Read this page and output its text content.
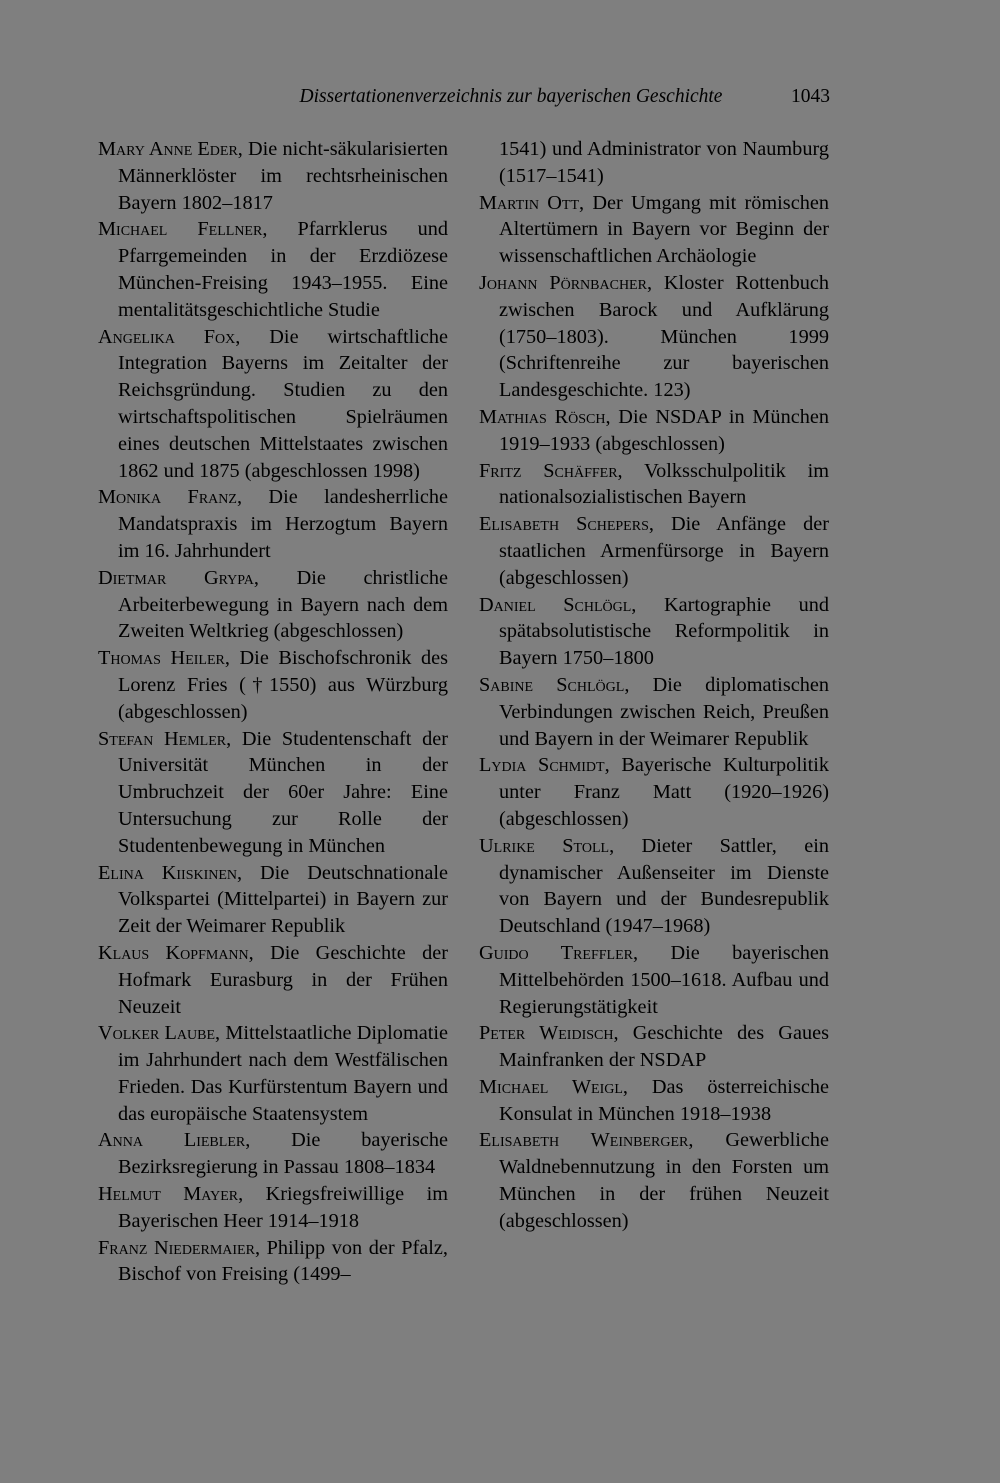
Dissertationenverzeichnis zur bayerischen Geschichte	1043

Mary Anne Eder, Die nicht-säkularisierten Männerklöster im rechtsrheinischen Bayern 1802–1817

Michael Fellner, Pfarrklerus und Pfarrgemeinden in der Erzdiözese München-Freising 1943–1955. Eine mentalitätsgeschichtliche Studie

Angelika Fox, Die wirtschaftliche Integration Bayerns im Zeitalter der Reichsgründung. Studien zu den wirtschaftspolitischen Spielräumen eines deutschen Mittelstaates zwischen 1862 und 1875 (abgeschlossen 1998)

Monika Franz, Die landesherrliche Mandatspraxis im Herzogtum Bayern im 16. Jahrhundert

Dietmar Grypa, Die christliche Arbeiterbewegung in Bayern nach dem Zweiten Weltkrieg (abgeschlossen)

Thomas Heiler, Die Bischofschronik des Lorenz Fries (†1550) aus Würzburg (abgeschlossen)

Stefan Hemler, Die Studentenschaft der Universität München in der Umbruchzeit der 60er Jahre: Eine Untersuchung zur Rolle der Studentenbewegung in München

Elina Kiiskinen, Die Deutschnationale Volkspartei (Mittelpartei) in Bayern zur Zeit der Weimarer Republik

Klaus Kopfmann, Die Geschichte der Hofmark Eurasburg in der Frühen Neuzeit

Volker Laube, Mittelstaatliche Diplomatie im Jahrhundert nach dem Westfälischen Frieden. Das Kurfürstentum Bayern und das europäische Staatensystem

Anna Liebler, Die bayerische Bezirksregierung in Passau 1808–1834

Helmut Mayer, Kriegsfreiwillige im Bayerischen Heer 1914–1918

Franz Niedermaier, Philipp von der Pfalz, Bischof von Freising (1499–

1541) und Administrator von Naumburg (1517–1541)

Martin Ott, Der Umgang mit römischen Altertümern in Bayern vor Beginn der wissenschaftlichen Archäologie

Johann Pörnbacher, Kloster Rottenbuch zwischen Barock und Aufklärung (1750–1803). München 1999 (Schriftenreihe zur bayerischen Landesgeschichte. 123)

Mathias Rösch, Die NSDAP in München 1919–1933 (abgeschlossen)

Fritz Schäffer, Volksschulpolitik im nationalsozialistischen Bayern

Elisabeth Schepers, Die Anfänge der staatlichen Armenfürsorge in Bayern (abgeschlossen)

Daniel Schlögl, Kartographie und spätabsolutistische Reformpolitik in Bayern 1750–1800

Sabine Schlögl, Die diplomatischen Verbindungen zwischen Reich, Preußen und Bayern in der Weimarer Republik

Lydia Schmidt, Bayerische Kulturpolitik unter Franz Matt (1920–1926) (abgeschlossen)

Ulrike Stoll, Dieter Sattler, ein dynamischer Außenseiter im Dienste von Bayern und der Bundesrepublik Deutschland (1947–1968)

Guido Treffler, Die bayerischen Mittelbehörden 1500–1618. Aufbau und Regierungstätigkeit

Peter Weidisch, Geschichte des Gaues Mainfranken der NSDAP

Michael Weigl, Das österreichische Konsulat in München 1918–1938

Elisabeth Weinberger, Gewerbliche Waldnebennutzung in den Forsten um München in der frühen Neuzeit (abgeschlossen)
